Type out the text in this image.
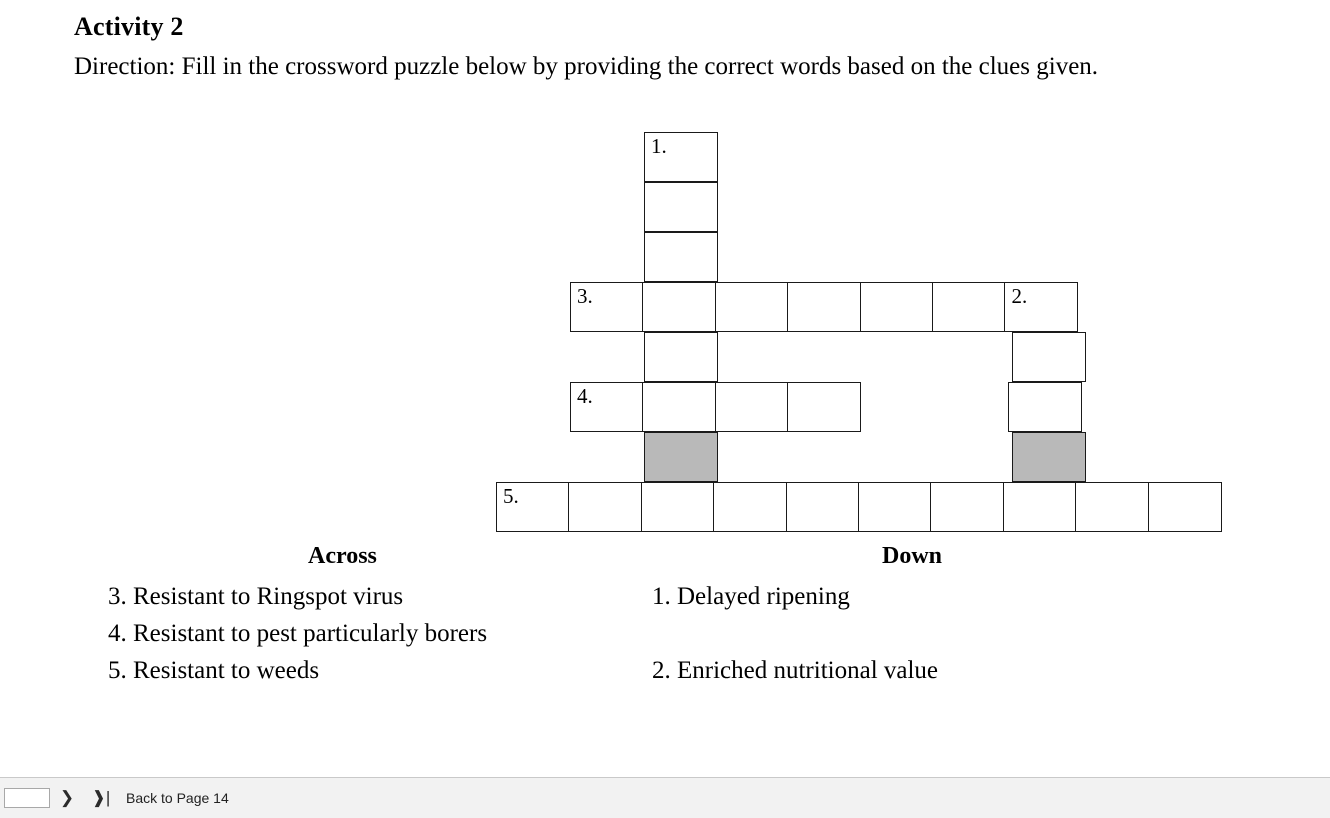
Activity 2
Direction: Fill in the crossword puzzle below by providing the correct words based on the clues given.
1.
3.	2.
4.
5.
Across	Down

3. Resistant to Ringspot virus

4. Resistant to pest particularly borers

5. Resistant to weeds

1. Delayed ripening

2. Enriched nutritional value

❯	❱|	Back to Page 14
